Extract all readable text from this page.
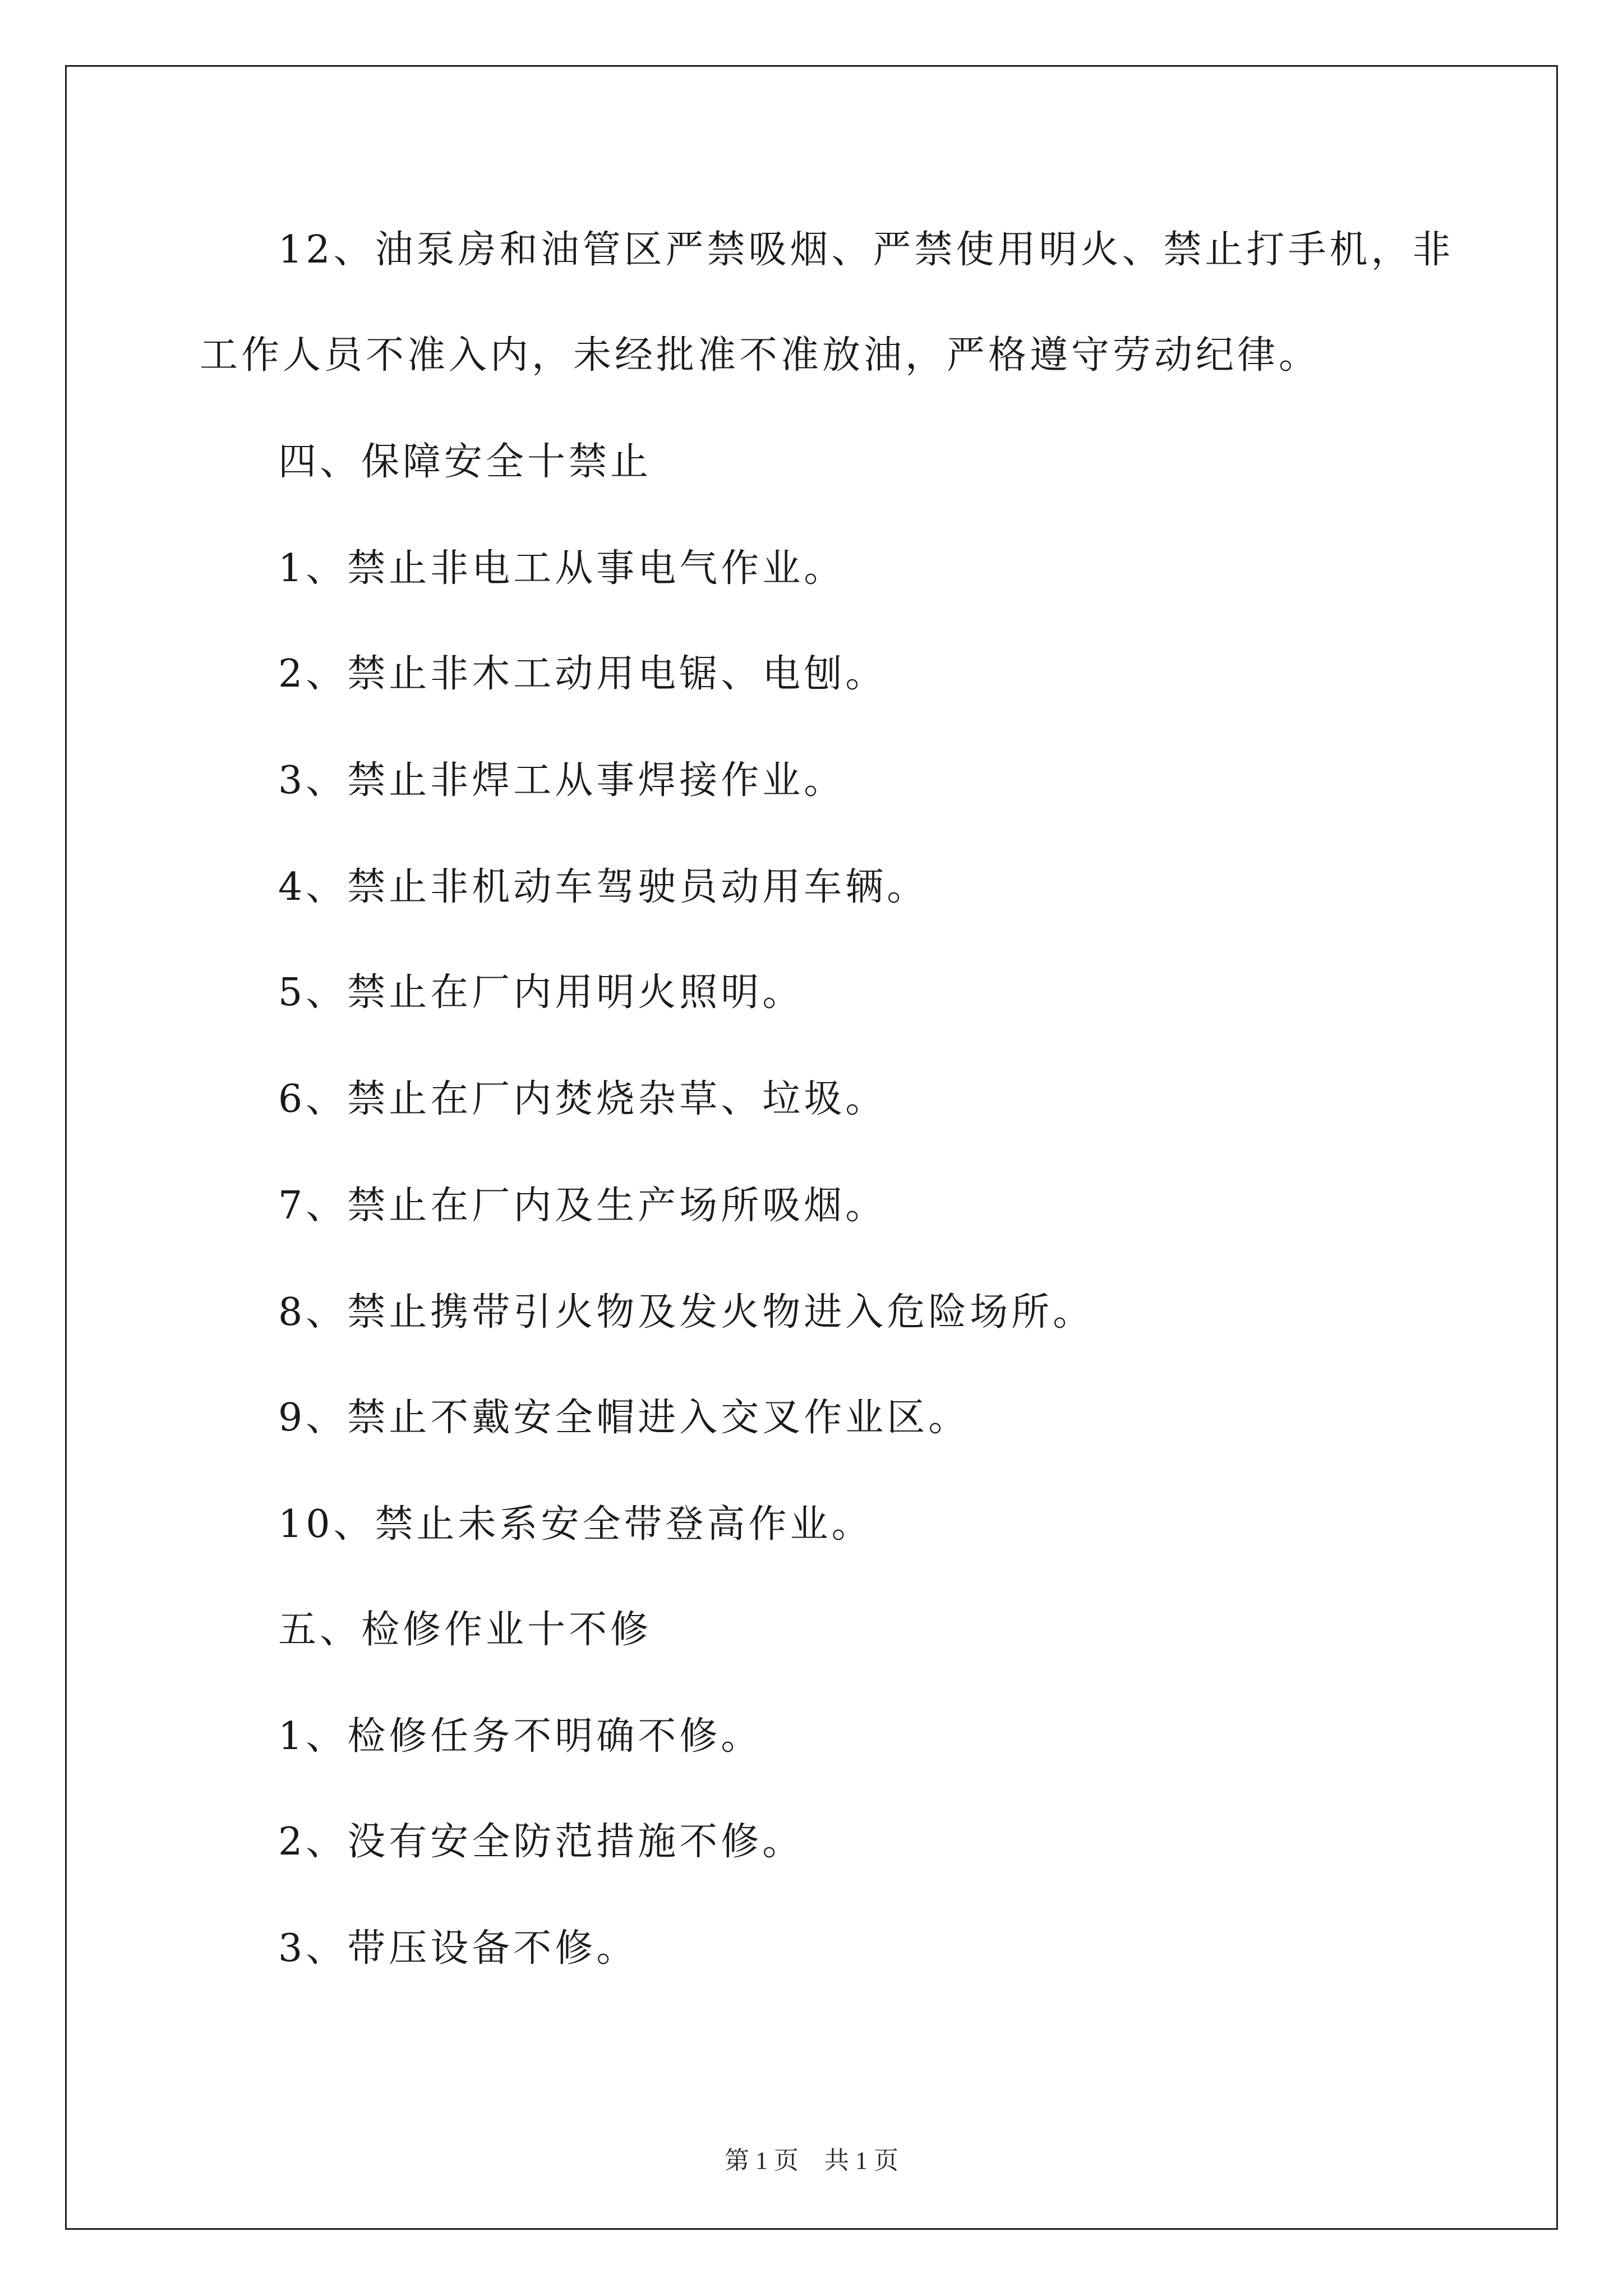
12、油泵房和油管区严禁吸烟、严禁使用明火、禁止打手机，非
工作人员不准入内，未经批准不准放油，严格遵守劳动纪律。
四、保障安全十禁止
1、禁止非电工从事电气作业。
2、禁止非木工动用电锯、电刨。
3、禁止非焊工从事焊接作业。
4、禁止非机动车驾驶员动用车辆。
5、禁止在厂内用明火照明。
6、禁止在厂内焚烧杂草、垃圾。
7、禁止在厂内及生产场所吸烟。
8、禁止携带引火物及发火物进入危险场所。
9、禁止不戴安全帽进入交叉作业区。
10、禁止未系安全带登高作业。
五、检修作业十不修
1、检修任务不明确不修。
2、没有安全防范措施不修。
3、带压设备不修。
第 1 页 共 1 页
